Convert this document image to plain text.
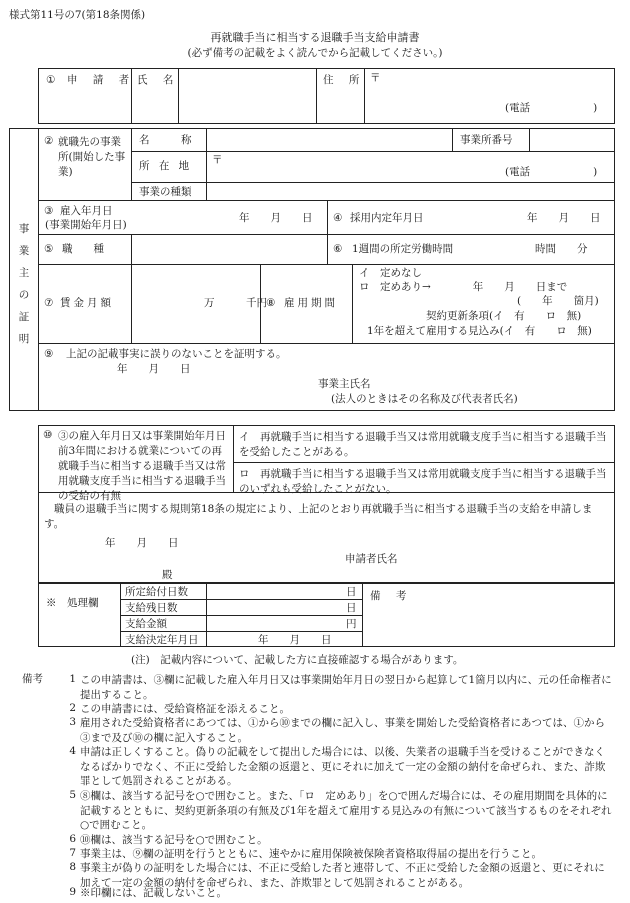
様式第11号の7(第18条関係)
再就職手当に相当する退職手当支給申請書
(必ず備考の記載をよく読んでから記載してください。)
① 申 請 者 氏 名	住 所 〒
(電話　　　　　　)
事
業
主
の
証
明
② 就職先の事業所(開始した事業)
名　　　称	事業所番号
所 在 地 〒
(電話　　　　　　)
事業の種類
③ 雇入年月日
(事業開始年月日)
年　　月　　日 ④ 採用内定年月日	年　　月　　日
⑤ 職　　種	⑥ 1週間の所定労働時間	時間　　分
⑦ 賃金月額	万　　　千円 ⑧ 雇用期間
イ　定めなし
ロ　定めあり→　　　　年　　月　　日まで
(　　年　　箇月)
契約更新条項(イ　有　　ロ　無)
1年を超えて雇用する見込み(イ　有　　ロ　無)
⑨ 上記の記載事実に誤りのないことを証明する。
年　　月　　日
事業主氏名
(法人のときはその名称及び代表者氏名)
⑩ ③の雇入年月日又は事業開始年月日前3年間における就業についての再就職手当に相当する退職手当又は常用就職支度手当に相当する退職手当の受給の有無
イ　再就職手当に相当する退職手当又は常用就職支度手当に相当する退職手当を受給したことがある。
ロ　再就職手当に相当する退職手当又は常用就職支度手当に相当する退職手当のいずれも受給したことがない。
職員の退職手当に関する規則第18条の規定により、上記のとおり再就職手当に相当する退職手当の支給を申請します。
年　　月　　日
申請者氏名
殿
※　処理欄
所定給付日数	日
支給残日数	日
支給金額	円
支給決定年月日	年　　月　　日
備 考
(注)　記載内容について、記載した方に直接確認する場合があります。
備考	1 この申請書は、③欄に記載した雇入年月日又は事業開始年月日の翌日から起算して1箇月以内に、元の任命権者に提出すること。
2 この申請書には、受給資格証を添えること。
3 雇用された受給資格者にあつては、①から⑩までの欄に記入し、事業を開始した受給資格者にあつては、①から③まで及び⑩の欄に記入すること。
4 申請は正しくすること。偽りの記載をして提出した場合には、以後、失業者の退職手当を受けることができなくなるばかりでなく、不正に受給した金額の返還と、更にそれに加えて一定の金額の納付を命ぜられ、また、詐欺罪として処罰されることがある。
5 ⑧欄は、該当する記号を○で囲むこと。また、「ロ　定めあり」を○で囲んだ場合には、その雇用期間を具体的に記載するとともに、契約更新条項の有無及び1年を超えて雇用する見込みの有無について該当するものをそれぞれ○で囲むこと。
6 ⑩欄は、該当する記号を○で囲むこと。
7 事業主は、⑨欄の証明を行うとともに、速やかに雇用保険被保険者資格取得届の提出を行うこと。
8 事業主が偽りの証明をした場合には、不正に受給した者と連帯して、不正に受給した金額の返還と、更にそれに加えて一定の金額の納付を命ぜられ、また、詐欺罪として処罰されることがある。
9 ※印欄には、記載しないこと。
